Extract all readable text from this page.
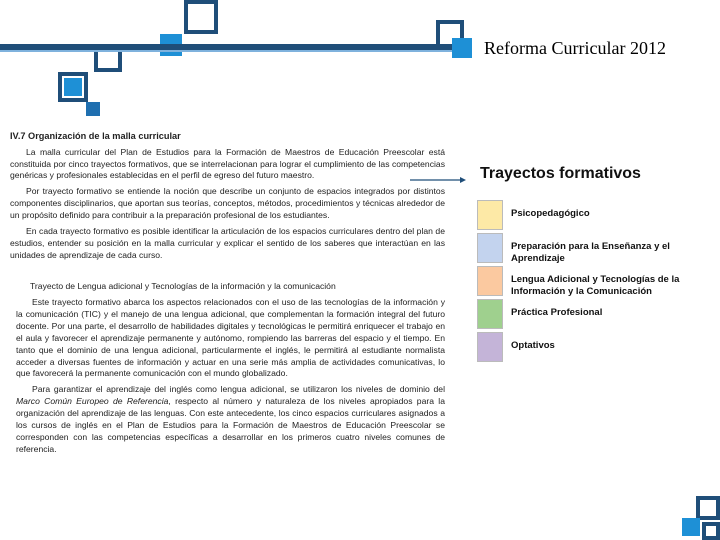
Reforma Curricular 2012
IV.7 Organización de la malla curricular

La malla curricular del Plan de Estudios para la Formación de Maestros de Educación Preescolar está constituida por cinco trayectos formativos, que se interrelacionan para lograr el cumplimiento de las competencias genéricas y profesionales establecidas en el perfil de egreso del futuro maestro.

Por trayecto formativo se entiende la noción que describe un conjunto de espacios integrados por distintos componentes disciplinarios, que aportan sus teorías, conceptos, métodos, procedimientos y técnicas alrededor de un propósito definido para contribuir a la preparación profesional de los estudiantes.

En cada trayecto formativo es posible identificar la articulación de los espacios curriculares dentro del plan de estudios, entender su posición en la malla curricular y explicar el sentido de los saberes que interactúan en las unidades de aprendizaje de cada curso.

Trayecto de Lengua adicional y Tecnologías de la información y la comunicación

Este trayecto formativo abarca los aspectos relacionados con el uso de las tecnologías de la información y la comunicación (TIC) y el manejo de una lengua adicional, que complementan la formación integral del futuro docente. Por una parte, el desarrollo de habilidades digitales y tecnológicas le permitirá enriquecer el trabajo en el aula y favorecer el aprendizaje permanente y autónomo, rompiendo las barreras del espacio y el tiempo. En tanto que el dominio de una lengua adicional, particularmente el inglés, le permitirá al estudiante normalista acceder a diversas fuentes de información y actuar en una serie más amplia de actividades comunicativas, lo que favorecerá la permanente comunicación con el mundo globalizado.

Para garantizar el aprendizaje del inglés como lengua adicional, se utilizaron los niveles de dominio del Marco Común Europeo de Referencia, respecto al número y naturaleza de los niveles apropiados para la organización del aprendizaje de las lenguas. Con este antecedente, los cinco espacios curriculares asignados a los cursos de inglés en el Plan de Estudios para la Formación de Maestros de Educación Preescolar se corresponden con las competencias específicas a desarrollar en los primeros cuatro niveles comunes de referencia.

Trayectos formativos
Psicopedagógico
Preparación para la Enseñanza y el Aprendizaje
Lengua Adicional y Tecnologías de la Información y la Comunicación
Práctica Profesional
Optativos
